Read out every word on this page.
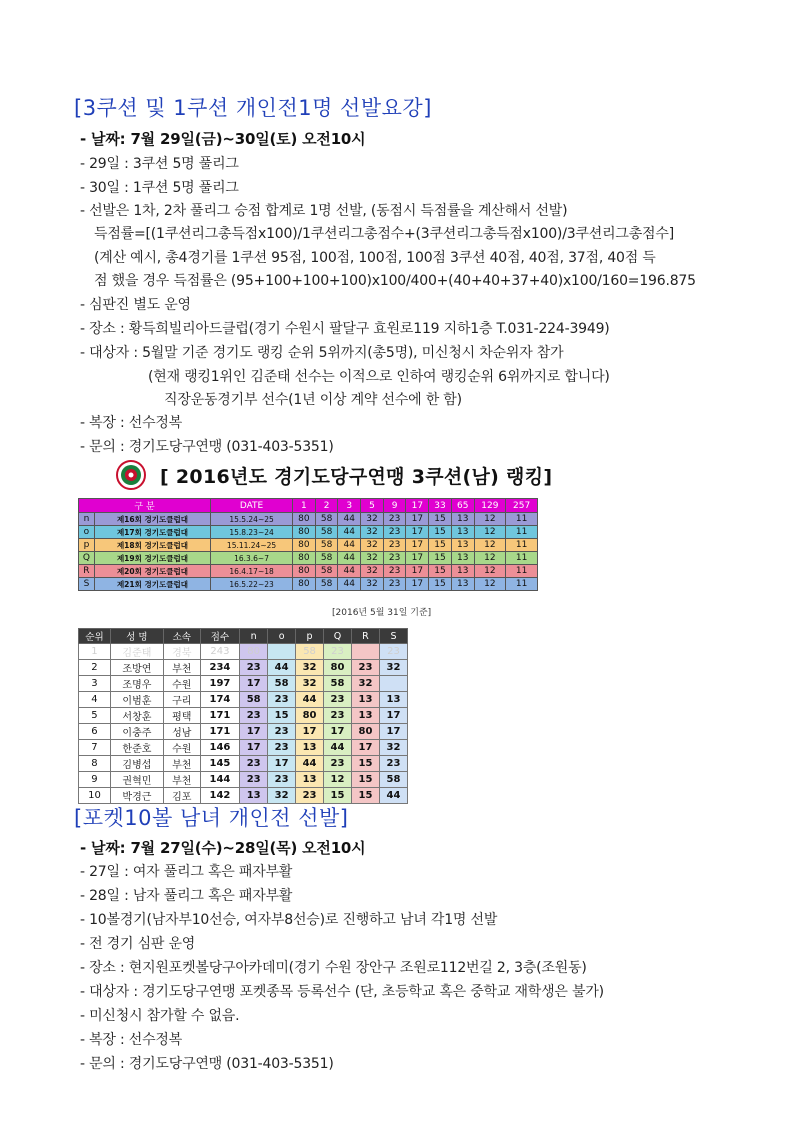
[3쿠션 및 1쿠션 개인전1명 선발요강]
- 날짜: 7월 29일(금)~30일(토) 오전10시
- 29일 : 3쿠션 5명 풀리그
- 30일 : 1쿠션 5명 풀리그
- 선발은 1차, 2차 풀리그 승점 합계로 1명 선발, (동점시 득점률을 계산해서 선발)
득점률=[(1쿠션리그총득점x100)/1쿠션리그총점수+(3쿠션리그총득점x100)/3쿠션리그총점수]
(계산 예시, 총4경기를 1쿠션 95점, 100점, 100점, 100점 3쿠션 40점, 40점, 37점, 40점 득
점 했을 경우 득점률은 (95+100+100+100)x100/400+(40+40+37+40)x100/160=196.875
- 심판진 별도 운영
- 장소 : 황득희빌리아드클럽(경기 수원시 팔달구 효원로119 지하1층 T.031-224-3949)
- 대상자 : 5월말 기준 경기도 랭킹 순위 5위까지(총5명), 미신청시 차순위자 참가
(현재 랭킹1위인 김준태 선수는 이적으로 인하여 랭킹순위 6위까지로 합니다)
직장운동경기부 선수(1년 이상 계약 선수에 한 함)
- 복장 : 선수정복
- 문의 : 경기도당구연맹 (031-403-5351)
[ 2016년도 경기도당구연맹 3쿠션(남) 랭킹]
구 분		DATE	1	2	3	5	9	17	33	65	129	257
n	제16회 경기도클럽대	15.5.24~25	80	58	44	32	23	17	15	13	12	11
o	제17회 경기도클럽대	15.8.23~24	80	58	44	32	23	17	15	13	12	11
p	제18회 경기도클럽대	15.11.24~25	80	58	44	32	23	17	15	13	12	11
Q	제19회 경기도클럽대	16.3.6~7	80	58	44	32	23	17	15	13	12	11
R	제20회 경기도클럽대	16.4.17~18	80	58	44	32	23	17	15	13	12	11
S	제21회 경기도클럽대	16.5.22~23	80	58	44	32	23	17	15	13	12	11
[2016년 5월 31일 기준]
순위	성 명	소속	점수	n	o	p	Q	R	S
1	김준태	경북	243	80		58	23		23
2	조방연	부천	234	23	44	32	80	23	32
3	조명우	수원	197	17	58	32	58	32	
4	이범훈	구리	174	58	23	44	23	13	13
5	서창훈	평택	171	23	15	80	23	13	17
6	이충주	성남	171	17	23	17	17	80	17
7	한준호	수원	146	17	23	13	44	17	32
8	김병섭	부천	145	23	17	44	23	15	23
9	권혁민	부천	144	23	23	13	12	15	58
10	박경근	김포	142	13	32	23	15	15	44
[포켓10볼 남녀 개인전 선발]
- 날짜: 7월 27일(수)~28일(목) 오전10시
- 27일 : 여자 풀리그 혹은 패자부활
- 28일 : 남자 풀리그 혹은 패자부활
- 10볼경기(남자부10선승, 여자부8선승)로 진행하고 남녀 각1명 선발
- 전 경기 심판 운영
- 장소 : 현지원포켓볼당구아카데미(경기 수원 장안구 조원로112번길 2, 3층(조원동)
- 대상자 : 경기도당구연맹 포켓종목 등록선수 (단, 초등학교 혹은 중학교 재학생은 불가)
- 미신청시 참가할 수 없음.
- 복장 : 선수정복
- 문의 : 경기도당구연맹 (031-403-5351)
